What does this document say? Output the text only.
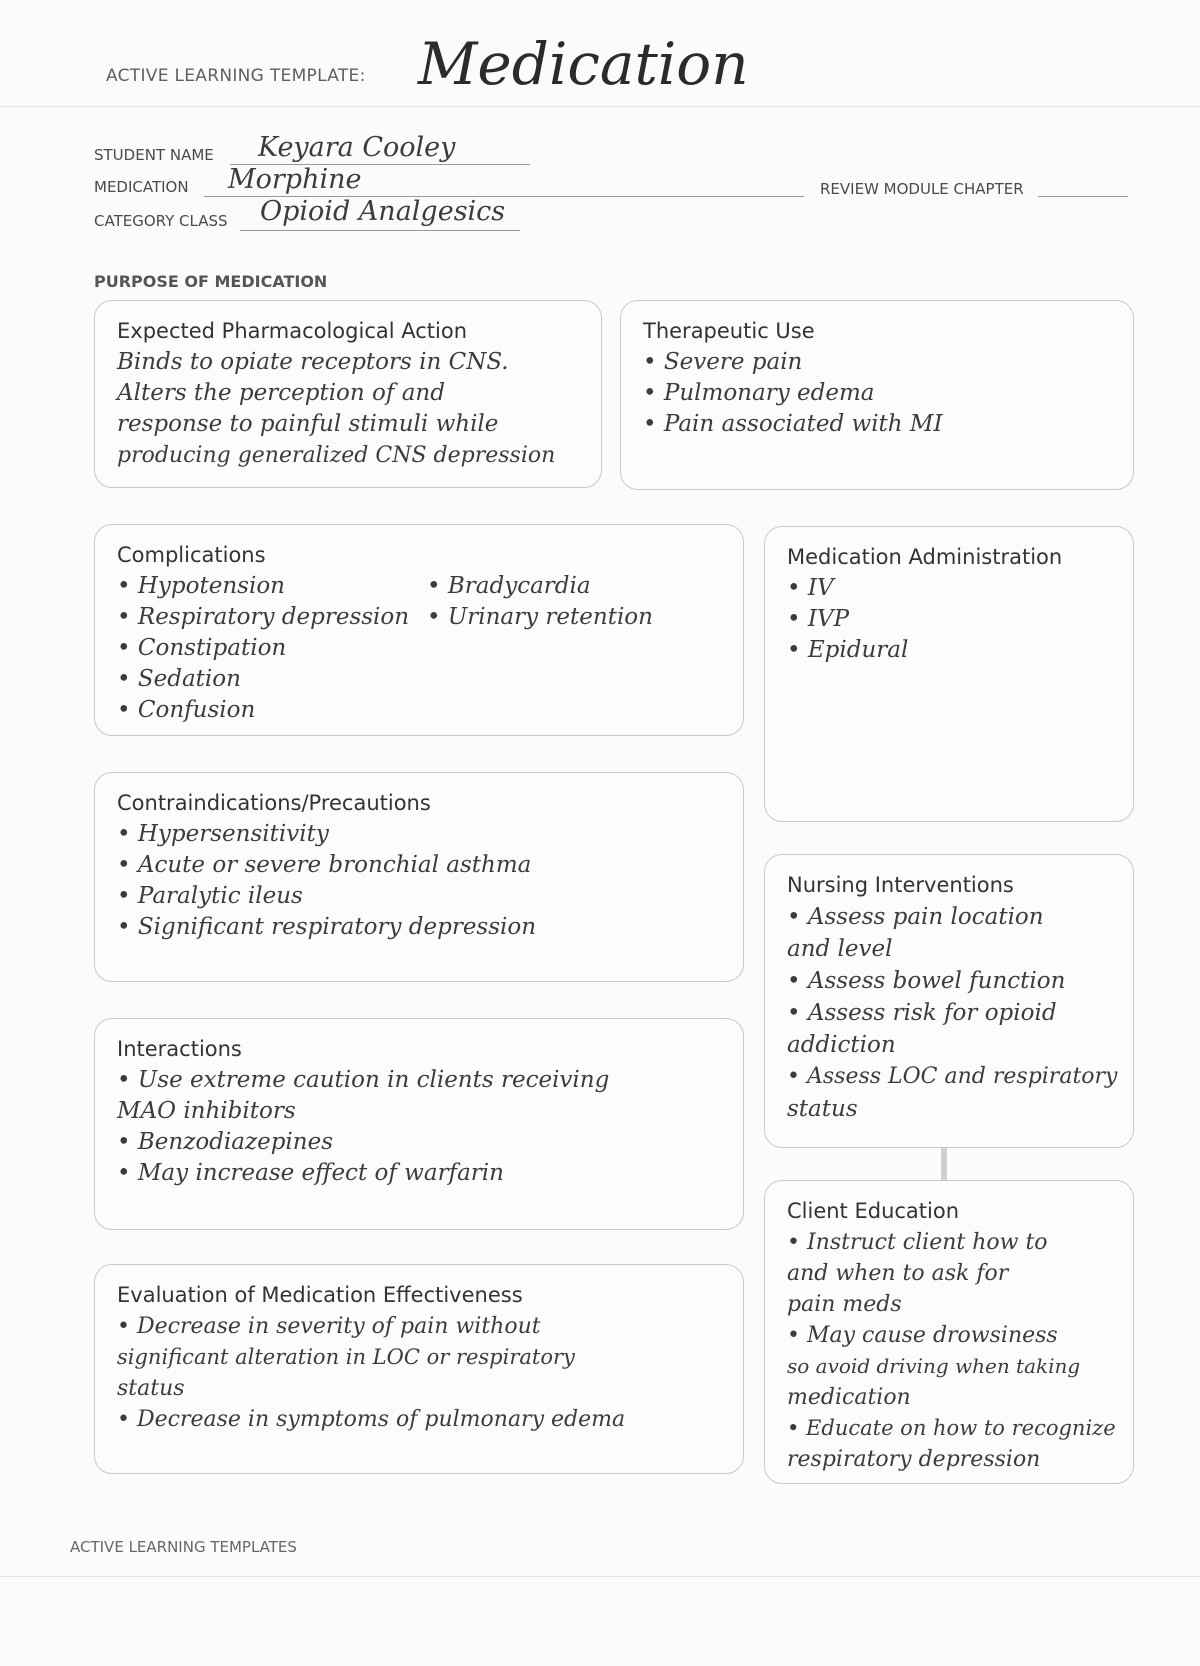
ACTIVE LEARNING TEMPLATE: Medication
STUDENT NAME Keyara Cooley
MEDICATION Morphine	REVIEW MODULE CHAPTER
CATEGORY CLASS Opioid Analgesics
PURPOSE OF MEDICATION
Expected Pharmacological Action
Binds to opiate receptors in CNS.
Alters the perception of and
response to painful stimuli while
producing generalized CNS depression
Therapeutic Use
• Severe pain
• Pulmonary edema
• Pain associated with MI
Complications
• Hypotension
• Respiratory depression
• Constipation
• Sedation
• Confusion
• Bradycardia
• Urinary retention
Medication Administration
• IV
• IVP
• Epidural
Contraindications/Precautions
• Hypersensitivity
• Acute or severe bronchial asthma
• Paralytic ileus
• Significant respiratory depression
Nursing Interventions
• Assess pain location
and level
• Assess bowel function
• Assess risk for opioid
addiction
• Assess LOC and respiratory
status
Interactions
• Use extreme caution in clients receiving
MAO inhibitors
• Benzodiazepines
• May increase effect of warfarin
Client Education
• Instruct client how to
and when to ask for
pain meds
• May cause drowsiness
so avoid driving when taking
medication
• Educate on how to recognize
respiratory depression
Evaluation of Medication Effectiveness
• Decrease in severity of pain without
significant alteration in LOC or respiratory
status
• Decrease in symptoms of pulmonary edema
ACTIVE LEARNING TEMPLATES
